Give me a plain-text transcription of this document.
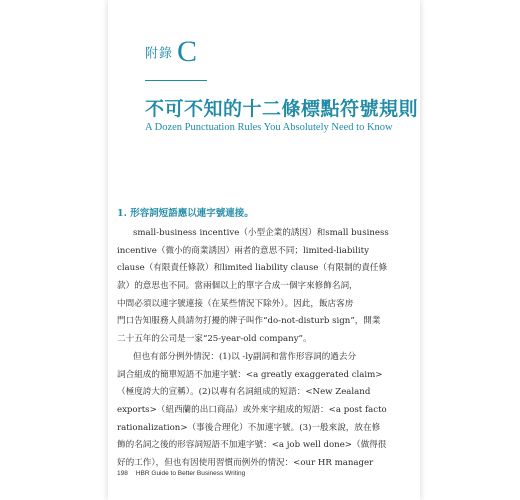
附錄 C
不可不知的十二條標點符號規則
A Dozen Punctuation Rules You Absolutely Need to Know
1. 形容詞短語應以連字號連接。
small-business incentive（小型企業的誘因）和small business
incentive（微小的商業誘因）兩者的意思不同；limited-liability
clause（有限責任條款）和limited liability clause（有限制的責任條
款）的意思也不同。當兩個以上的單字合成一個字來修飾名詞，
中間必須以連字號連接（在某些情況下除外）。因此，飯店客房
門口告知服務人員請勿打擾的牌子叫作“do-not-disturb sign”，開業
二十五年的公司是一家“25-year-old company”。
但也有部分例外情況：(1)以 -ly副詞和當作形容詞的過去分
詞合組成的簡單短語不加連字號：<a greatly exaggerated claim>
（極度誇大的宣稱）。(2)以專有名詞組成的短語：<New Zealand
exports>（紐西蘭的出口商品）或外來字組成的短語：<a post facto
rationalization>（事後合理化）不加連字號。(3)一般來說，放在修
飾的名詞之後的形容詞短語不加連字號：<a job well done>（做得很
好的工作），但也有因使用習慣而例外的情況：<our HR manager
198 HBR Guide to Better Business Writing
